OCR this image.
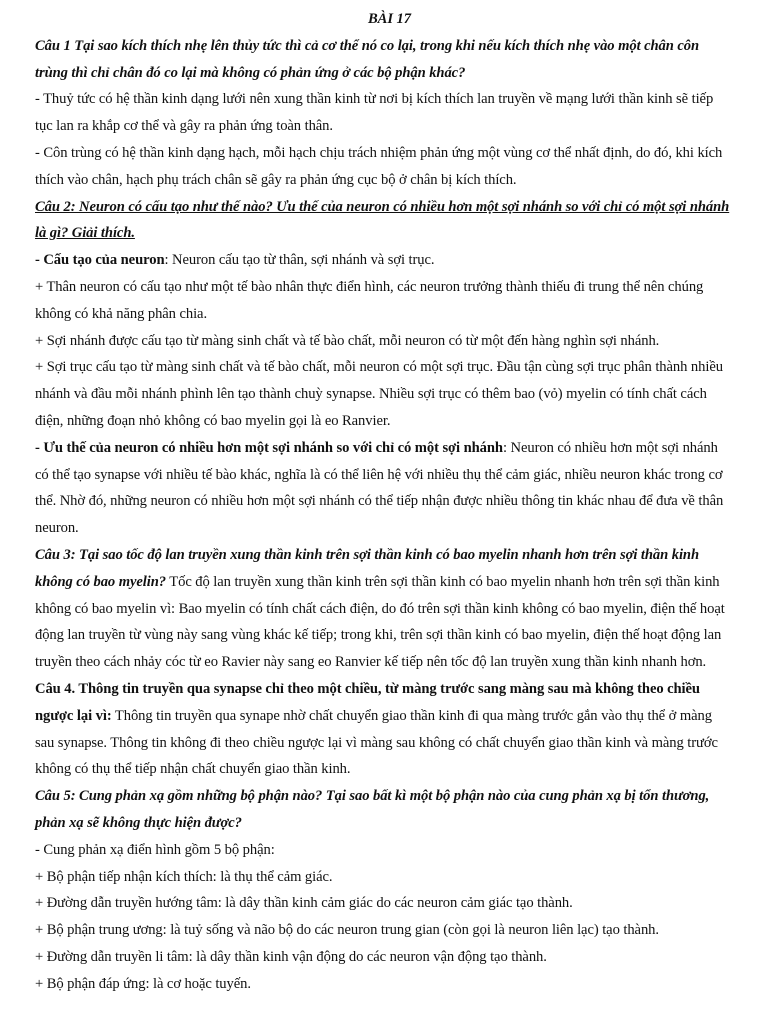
BÀI 17

Câu 1 Tại sao kích thích nhẹ lên thủy tức thì cả cơ thể nó co lại, trong khi nếu kích thích nhẹ vào một chân côn trùng thì chỉ chân đó co lại mà không có phản ứng ở các bộ phận khác?

- Thuỷ tức có hệ thần kinh dạng lưới nên xung thần kinh từ nơi bị kích thích lan truyền về mạng lưới thần kinh sẽ tiếp tục lan ra khắp cơ thể và gây ra phản ứng toàn thân.

- Côn trùng có hệ thần kinh dạng hạch, mỗi hạch chịu trách nhiệm phản ứng một vùng cơ thể nhất định, do đó, khi kích thích vào chân, hạch phụ trách chân sẽ gây ra phản ứng cục bộ ở chân bị kích thích.

Câu 2: Neuron có cấu tạo như thế nào? Ưu thế của neuron có nhiều hơn một sợi nhánh so với chỉ có một sợi nhánh là gì? Giải thích.

- Cấu tạo của neuron: Neuron cấu tạo từ thân, sợi nhánh và sợi trục.

+ Thân neuron có cấu tạo như một tế bào nhân thực điển hình, các neuron trưởng thành thiếu đi trung thể nên chúng không có khả năng phân chia.

+ Sợi nhánh được cấu tạo từ màng sinh chất và tế bào chất, mỗi neuron có từ một đến hàng nghìn sợi nhánh.

+ Sợi trục cấu tạo từ màng sinh chất và tế bào chất, mỗi neuron có một sợi trục. Đầu tận cùng sợi trục phân thành nhiều nhánh và đầu mỗi nhánh phình lên tạo thành chuỳ synapse. Nhiều sợi trục có thêm bao (vỏ) myelin có tính chất cách điện, những đoạn nhỏ không có bao myelin gọi là eo Ranvier.

- Ưu thế của neuron có nhiều hơn một sợi nhánh so với chỉ có một sợi nhánh: Neuron có nhiều hơn một sợi nhánh có thể tạo synapse với nhiều tế bào khác, nghĩa là có thể liên hệ với nhiều thụ thể cảm giác, nhiều neuron khác trong cơ thể. Nhờ đó, những neuron có nhiều hơn một sợi nhánh có thể tiếp nhận được nhiều thông tin khác nhau để đưa về thân neuron.

Câu 3: Tại sao tốc độ lan truyền xung thần kinh trên sợi thần kinh có bao myelin nhanh hơn trên sợi thần kinh không có bao myelin? Tốc độ lan truyền xung thần kinh trên sợi thần kinh có bao myelin nhanh hơn trên sợi thần kinh không có bao myelin vì: Bao myelin có tính chất cách điện, do đó trên sợi thần kinh không có bao myelin, điện thế hoạt động lan truyền từ vùng này sang vùng khác kế tiếp; trong khi, trên sợi thần kinh có bao myelin, điện thế hoạt động lan truyền theo cách nhảy cóc từ eo Ravier này sang eo Ranvier kế tiếp nên tốc độ lan truyền xung thần kinh nhanh hơn.

Câu 4. Thông tin truyền qua synapse chỉ theo một chiều, từ màng trước sang màng sau mà không theo chiều ngược lại vì: Thông tin truyền qua synape nhờ chất chuyển giao thần kinh đi qua màng trước gắn vào thụ thể ở màng sau synapse. Thông tin không đi theo chiều ngược lại vì màng sau không có chất chuyển giao thần kinh và màng trước không có thụ thể tiếp nhận chất chuyển giao thần kinh.

Câu 5: Cung phản xạ gồm những bộ phận nào? Tại sao bất kì một bộ phận nào của cung phản xạ bị tổn thương, phản xạ sẽ không thực hiện được?

- Cung phản xạ điển hình gồm 5 bộ phận:

+ Bộ phận tiếp nhận kích thích: là thụ thể cảm giác.

+ Đường dẫn truyền hướng tâm: là dây thần kinh cảm giác do các neuron cảm giác tạo thành.

+ Bộ phận trung ương: là tuỷ sống và não bộ do các neuron trung gian (còn gọi là neuron liên lạc) tạo thành.

+ Đường dẫn truyền li tâm: là dây thần kinh vận động do các neuron vận động tạo thành.

+ Bộ phận đáp ứng: là cơ hoặc tuyến.
